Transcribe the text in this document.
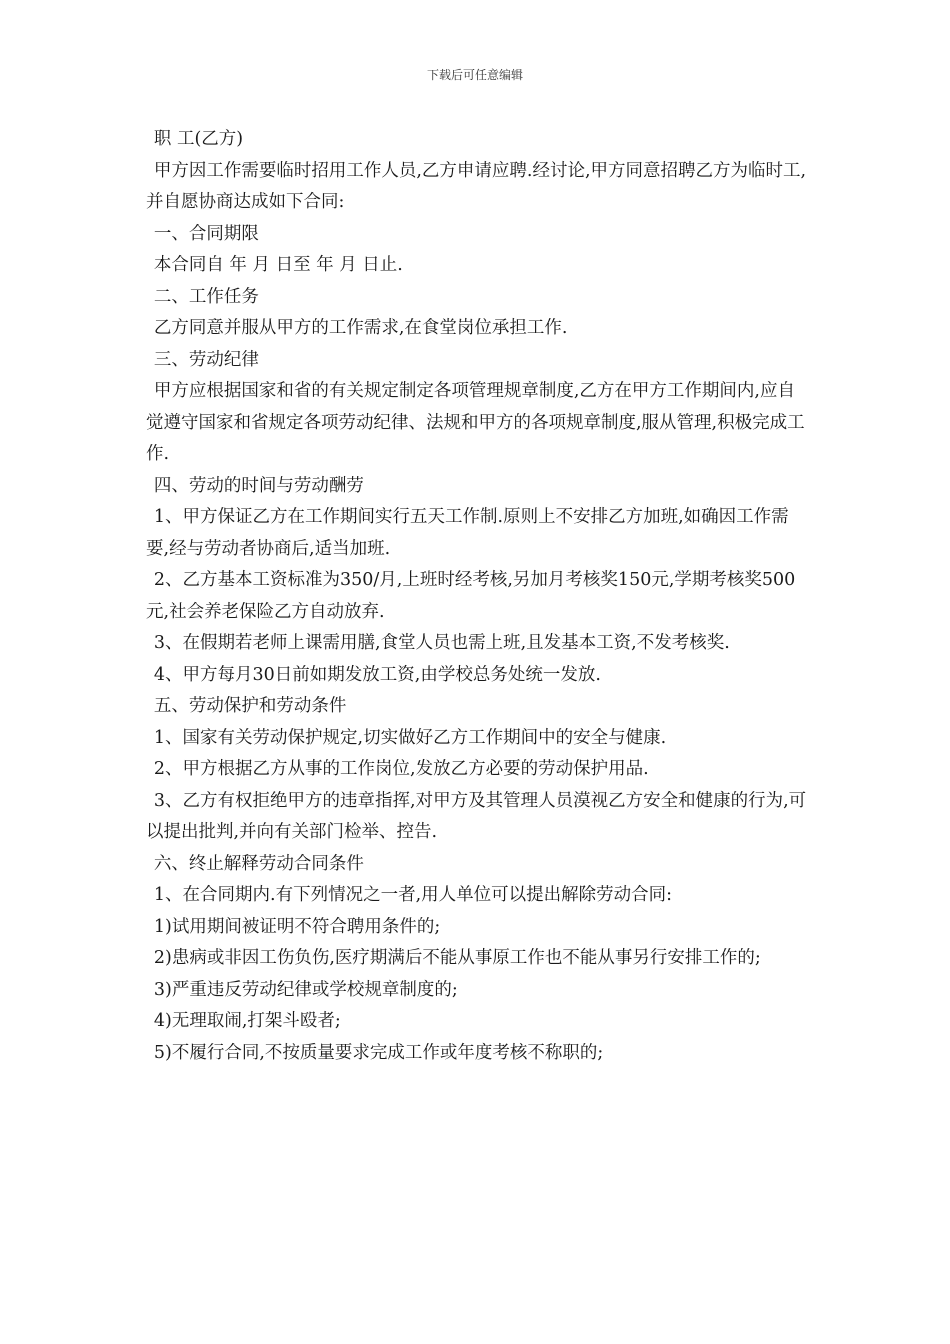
下载后可任意编辑

职 工(乙方)

甲方因工作需要临时招用工作人员,乙方申请应聘.经讨论,甲方同意招聘乙方为临时工,并自愿协商达成如下合同:

一、合同期限

本合同自 年 月 日至 年 月 日止.

二、工作任务

乙方同意并服从甲方的工作需求,在食堂岗位承担工作.

三、劳动纪律

甲方应根据国家和省的有关规定制定各项管理规章制度,乙方在甲方工作期间内,应自觉遵守国家和省规定各项劳动纪律、法规和甲方的各项规章制度,服从管理,积极完成工作.

四、劳动的时间与劳动酬劳

1、甲方保证乙方在工作期间实行五天工作制.原则上不安排乙方加班,如确因工作需要,经与劳动者协商后,适当加班.

2、乙方基本工资标准为350/月,上班时经考核,另加月考核奖150元,学期考核奖500元,社会养老保险乙方自动放弃.

3、在假期若老师上课需用膳,食堂人员也需上班,且发基本工资,不发考核奖.

4、甲方每月30日前如期发放工资,由学校总务处统一发放.

五、劳动保护和劳动条件

1、国家有关劳动保护规定,切实做好乙方工作期间中的安全与健康.

2、甲方根据乙方从事的工作岗位,发放乙方必要的劳动保护用品.

3、乙方有权拒绝甲方的违章指挥,对甲方及其管理人员漠视乙方安全和健康的行为,可以提出批判,并向有关部门检举、控告.

六、终止解释劳动合同条件

1、在合同期内.有下列情况之一者,用人单位可以提出解除劳动合同:

1)试用期间被证明不符合聘用条件的;

2)患病或非因工伤负伤,医疗期满后不能从事原工作也不能从事另行安排工作的;

3)严重违反劳动纪律或学校规章制度的;

4)无理取闹,打架斗殴者;

5)不履行合同,不按质量要求完成工作或年度考核不称职的;
